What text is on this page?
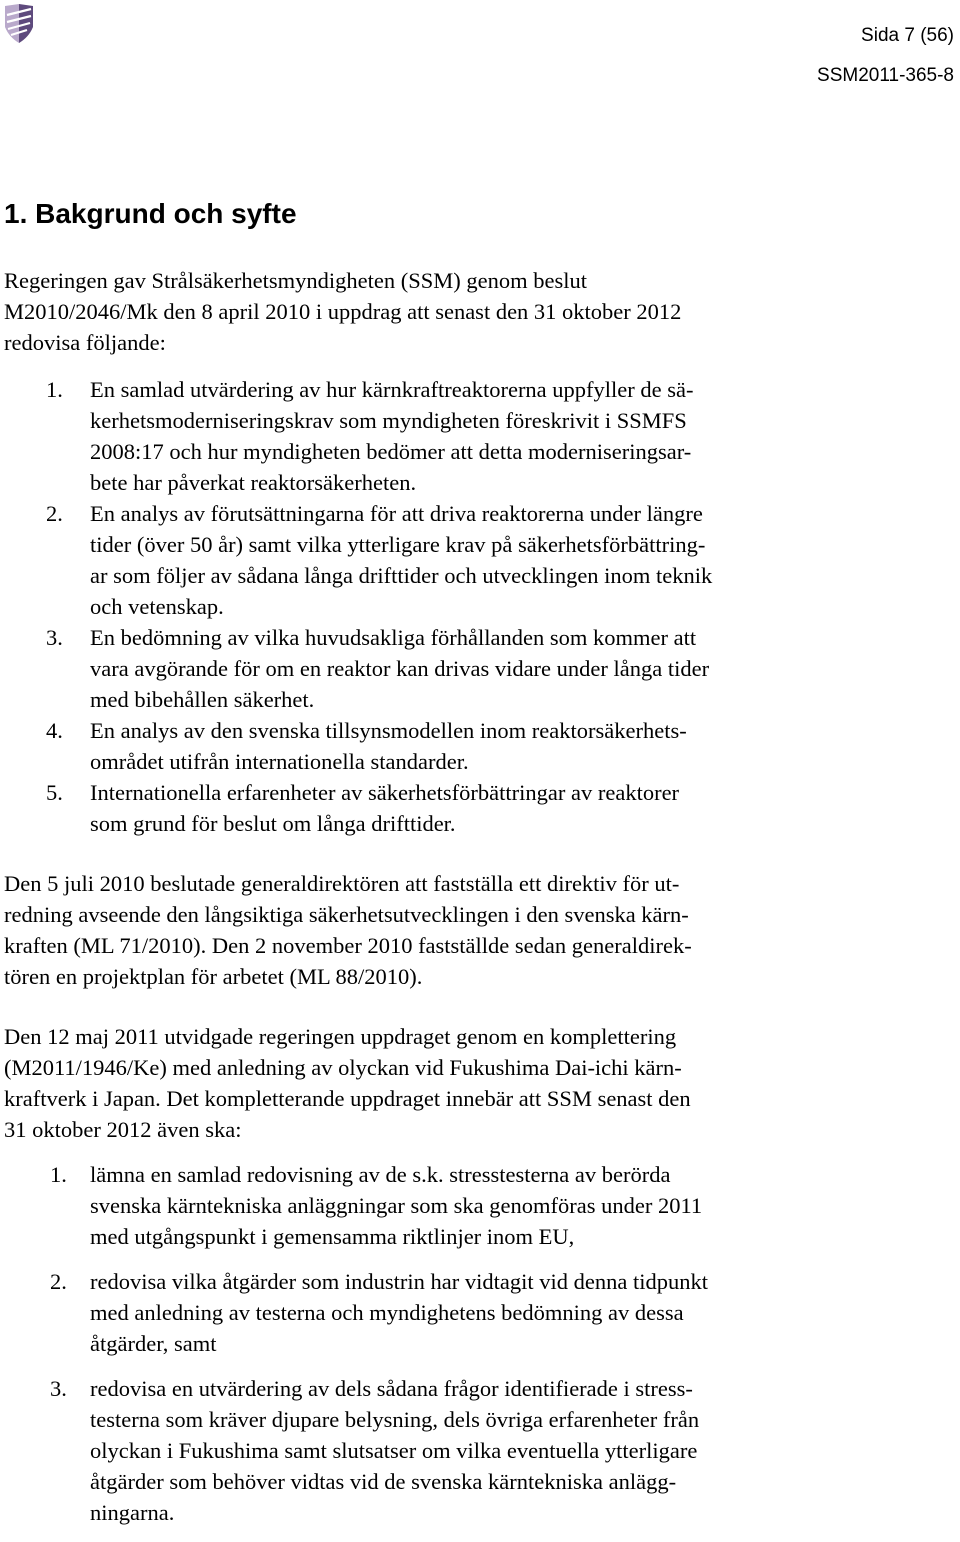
Sida 7 (56)
SSM2011-365-8
1. Bakgrund och syfte
Regeringen gav Strålsäkerhetsmyndigheten (SSM) genom beslut
M2010/2046/Mk den 8 april 2010 i uppdrag att senast den 31 oktober 2012
redovisa följande:
1. En samlad utvärdering av hur kärnkraftreaktorerna uppfyller de sä-
kerhetsmoderniseringskrav som myndigheten föreskrivit i SSMFS
2008:17 och hur myndigheten bedömer att detta moderniseringsar-
bete har påverkat reaktorsäkerheten.
2. En analys av förutsättningarna för att driva reaktorerna under längre
tider (över 50 år) samt vilka ytterligare krav på säkerhetsförbättring-
ar som följer av sådana långa drifttider och utvecklingen inom teknik
och vetenskap.
3. En bedömning av vilka huvudsakliga förhållanden som kommer att
vara avgörande för om en reaktor kan drivas vidare under långa tider
med bibehållen säkerhet.
4. En analys av den svenska tillsynsmodellen inom reaktorsäkerhets-
området utifrån internationella standarder.
5. Internationella erfarenheter av säkerhetsförbättringar av reaktorer
som grund för beslut om långa drifttider.
Den 5 juli 2010 beslutade generaldirektören att fastställa ett direktiv för ut-
redning avseende den långsiktiga säkerhetsutvecklingen i den svenska kärn-
kraften (ML 71/2010). Den 2 november 2010 fastställde sedan generaldirek-
tören en projektplan för arbetet (ML 88/2010).
Den 12 maj 2011 utvidgade regeringen uppdraget genom en komplettering
(M2011/1946/Ke) med anledning av olyckan vid Fukushima Dai-ichi kärn-
kraftverk i Japan. Det kompletterande uppdraget innebär att SSM senast den
31 oktober 2012 även ska:
1. lämna en samlad redovisning av de s.k. stresstesterna av berörda
svenska kärntekniska anläggningar som ska genomföras under 2011
med utgångspunkt i gemensamma riktlinjer inom EU,
2. redovisa vilka åtgärder som industrin har vidtagit vid denna tidpunkt
med anledning av testerna och myndighetens bedömning av dessa
åtgärder, samt
3. redovisa en utvärdering av dels sådana frågor identifierade i stress-
testerna som kräver djupare belysning, dels övriga erfarenheter från
olyckan i Fukushima samt slutsatser om vilka eventuella ytterligare
åtgärder som behöver vidtas vid de svenska kärntekniska anlägg-
ningarna.
